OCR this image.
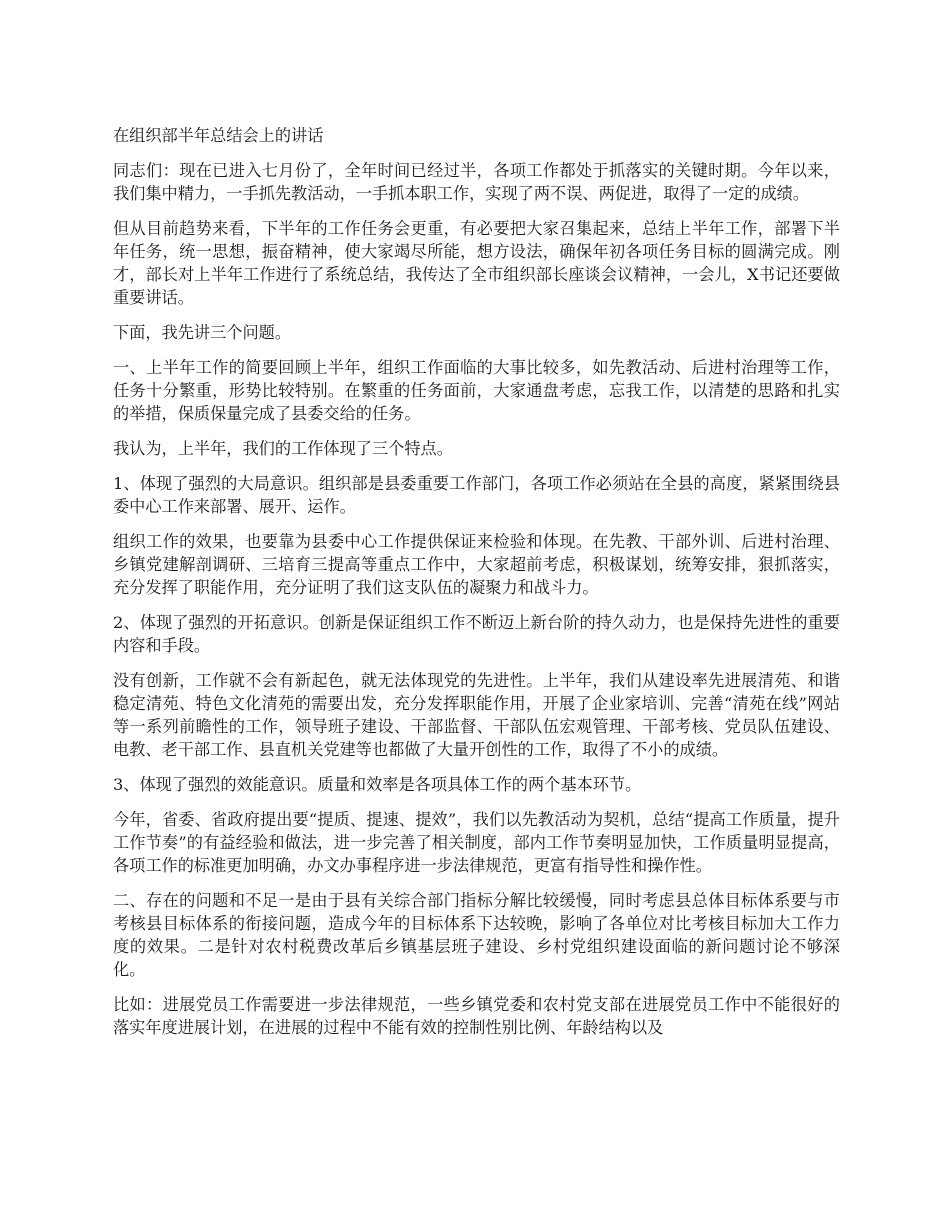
在组织部半年总结会上的讲话

同志们：现在已进入七月份了，全年时间已经过半，各项工作都处于抓落实的关键时期。今年以来，我们集中精力，一手抓先教活动，一手抓本职工作，实现了两不误、两促进，取得了一定的成绩。

但从目前趋势来看，下半年的工作任务会更重，有必要把大家召集起来，总结上半年工作，部署下半年任务，统一思想，振奋精神，使大家竭尽所能，想方设法，确保年初各项任务目标的圆满完成。刚才，部长对上半年工作进行了系统总结，我传达了全市组织部长座谈会议精神，一会儿，X书记还要做重要讲话。

下面，我先讲三个问题。

一、上半年工作的简要回顾上半年，组织工作面临的大事比较多，如先教活动、后进村治理等工作，任务十分繁重，形势比较特别。在繁重的任务面前，大家通盘考虑，忘我工作，以清楚的思路和扎实的举措，保质保量完成了县委交给的任务。

我认为，上半年，我们的工作体现了三个特点。

1、体现了强烈的大局意识。组织部是县委重要工作部门，各项工作必须站在全县的高度，紧紧围绕县委中心工作来部署、展开、运作。

组织工作的效果，也要靠为县委中心工作提供保证来检验和体现。在先教、干部外训、后进村治理、乡镇党建解剖调研、三培育三提高等重点工作中，大家超前考虑，积极谋划，统筹安排，狠抓落实，充分发挥了职能作用，充分证明了我们这支队伍的凝聚力和战斗力。

2、体现了强烈的开拓意识。创新是保证组织工作不断迈上新台阶的持久动力，也是保持先进性的重要内容和手段。

没有创新，工作就不会有新起色，就无法体现党的先进性。上半年，我们从建设率先进展清苑、和谐稳定清苑、特色文化清苑的需要出发，充分发挥职能作用，开展了企业家培训、完善“清苑在线”网站等一系列前瞻性的工作，领导班子建设、干部监督、干部队伍宏观管理、干部考核、党员队伍建设、电教、老干部工作、县直机关党建等也都做了大量开创性的工作，取得了不小的成绩。

3、体现了强烈的效能意识。质量和效率是各项具体工作的两个基本环节。

今年，省委、省政府提出要“提质、提速、提效”，我们以先教活动为契机，总结“提高工作质量，提升工作节奏”的有益经验和做法，进一步完善了相关制度，部内工作节奏明显加快，工作质量明显提高，各项工作的标准更加明确，办文办事程序进一步法律规范，更富有指导性和操作性。

二、存在的问题和不足一是由于县有关综合部门指标分解比较缓慢，同时考虑县总体目标体系要与市考核县目标体系的衔接问题，造成今年的目标体系下达较晚，影响了各单位对比考核目标加大工作力度的效果。二是针对农村税费改革后乡镇基层班子建设、乡村党组织建设面临的新问题讨论不够深化。

比如：进展党员工作需要进一步法律规范，一些乡镇党委和农村党支部在进展党员工作中不能很好的落实年度进展计划，在进展的过程中不能有效的控制性别比例、年龄结构以及
